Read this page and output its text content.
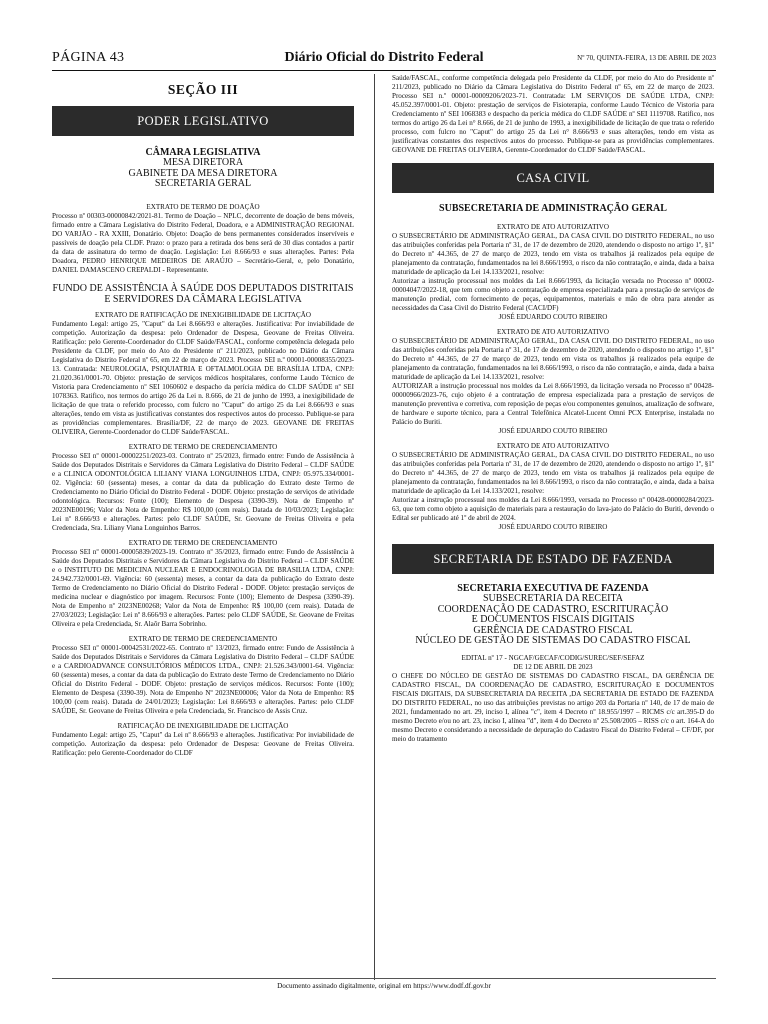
PÁGINA 43	Diário Oficial do Distrito Federal	Nº 70, QUINTA-FEIRA, 13 DE ABRIL DE 2023
SEÇÃO III
PODER LEGISLATIVO
CÂMARA LEGISLATIVA
MESA DIRETORA
GABINETE DA MESA DIRETORA
SECRETARIA GERAL
EXTRATO DE TERMO DE DOAÇÃO

Processo nº 00303-00000842/2021-81. Termo de Doação – NPLC, decorrente de doação de bens móveis, firmado entre a Câmara Legislativa do Distrito Federal, Doadora, e a ADMINISTRAÇÃO REGIONAL DO VARJÃO - RA XXIII, Donatário. Objeto: Doação de bens permanentes considerados inservíveis e passíveis de doação pela CLDF. Prazo: o prazo para a retirada dos bens será de 30 dias contados a partir da data de assinatura do termo de doação. Legislação: Lei 8.666/93 e suas alterações. Partes: Pela Doadora, PEDRO HENRIQUE MEDEIROS DE ARAÚJO – Secretário-Geral, e, pelo Donatário, DANIEL DAMASCENO CREPALDI - Representante.

FUNDO DE ASSISTÊNCIA À SAÚDE DOS DEPUTADOS DISTRITAIS E SERVIDORES DA CÂMARA LEGISLATIVA
EXTRATO DE RATIFICAÇÃO DE INEXIGIBILIDADE DE LICITAÇÃO

Fundamento Legal: artigo 25, "Caput" da Lei 8.666/93 e alterações. Justificativa: Por inviabilidade de competição. Autorização da despesa: pelo Ordenador de Despesa, Geovane de Freitas Oliveira. Ratificação: pelo Gerente-Coordenador do CLDF Saúde/FASCAL, conforme competência delegada pelo Presidente da CLDF, por meio do Ato do Presidente nº 211/2023, publicado no Diário da Câmara Legislativa do Distrito Federal nº 65, em 22 de março de 2023. Processo SEI n.º 00001-00008355/2023-13. Contratada: NEUROLOGIA, PSIQUIATRIA E OFTALMOLOGIA DE BRASÍLIA LTDA, CNPJ: 21.020.361/0001-70. Objeto: prestação de serviços médicos hospitalares, conforme Laudo Técnico de Vistoria para Credenciamento nº SEI 1060602 e despacho da perícia médica do CLDF SAÚDE nº SEI 1078363. Ratifico, nos termos do artigo 26 da Lei n. 8.666, de 21 de junho de 1993, a inexigibilidade de licitação de que trata o referido processo, com fulcro no "Caput" do artigo 25 da Lei 8.666/93 e suas alterações, tendo em vista as justificativas constantes dos respectivos autos do processo. Publique-se para as providências complementares. Brasília/DF, 22 de março de 2023. GEOVANE DE FREITAS OLIVEIRA, Gerente-Coordenador do CLDF Saúde/FASCAL.

EXTRATO DE TERMO DE CREDENCIAMENTO

Processo SEI nº 00001-00002251/2023-03. Contrato nº 25/2023, firmado entre: Fundo de Assistência à Saúde dos Deputados Distritais e Servidores da Câmara Legislativa do Distrito Federal – CLDF SAÚDE e a CLINICA ODONTOLÓGICA LILIANY VIANA LONGUINHOS LTDA, CNPJ: 05.975.334/0001-02. Vigência: 60 (sessenta) meses, a contar da data da publicação do Extrato deste Termo de Credenciamento no Diário Oficial do Distrito Federal - DODF. Objeto: prestação de serviços de atividade odontológica. Recursos: Fonte (100); Elemento de Despesa (3390-39). Nota de Empenho nº 2023NE00196; Valor da Nota de Empenho: R$ 100,00 (cem reais). Datada de 10/03/2023; Legislação: Lei nº 8.666/93 e alterações. Partes: pelo CLDF SAÚDE, Sr. Geovane de Freitas Oliveira e pela Credenciada, Sra. Liliany Viana Longuinhos Barros.

EXTRATO DE TERMO DE CREDENCIAMENTO

Processo SEI nº 00001-00005839/2023-19. Contrato nº 35/2023, firmado entre: Fundo de Assistência à Saúde dos Deputados Distritais e Servidores da Câmara Legislativa do Distrito Federal – CLDF SAÚDE e o INSTITUTO DE MEDICINA NUCLEAR E ENDOCRINOLOGIA DE BRASILIA LTDA, CNPJ: 24.942.732/0001-69. Vigência: 60 (sessenta) meses, a contar da data da publicação do Extrato deste Termo de Credenciamento no Diário Oficial do Distrito Federal - DODF. Objeto: prestação serviços de medicina nuclear e diagnóstico por imagem. Recursos: Fonte (100); Elemento de Despesa (3390-39). Nota de Empenho nº 2023NE00268; Valor da Nota de Empenho: R$ 100,00 (cem reais). Datada de 27/03/2023; Legislação: Lei nº 8.666/93 e alterações. Partes: pelo CLDF SAÚDE, Sr. Geovane de Freitas Oliveira e pela Credenciada, Sr. Alaôr Barra Sobrinho.

EXTRATO DE TERMO DE CREDENCIAMENTO

Processo SEI nº 00001-00042531/2022-65. Contrato nº 13/2023, firmado entre: Fundo de Assistência à Saúde dos Deputados Distritais e Servidores da Câmara Legislativa do Distrito Federal – CLDF SAÚDE e a CARDIOADVANCE CONSULTÓRIOS MÉDICOS LTDA., CNPJ: 21.526.343/0001-64. Vigência: 60 (sessenta) meses, a contar da data da publicação do Extrato deste Termo de Credenciamento no Diário Oficial do Distrito Federal - DODF. Objeto: prestação de serviços médicos. Recursos: Fonte (100); Elemento de Despesa (3390-39). Nota de Empenho Nº 2023NE00006; Valor da Nota de Empenho: R$ 100,00 (cem reais). Datada de 24/01/2023; Legislação: Lei 8.666/93 e alterações. Partes: pelo CLDF SAÚDE, Sr. Geovane de Freitas Oliveira e pela Credenciada, Sr. Francisco de Assis Cruz.

RATIFICAÇÃO DE INEXIGIBILIDADE DE LICITAÇÃO

Fundamento Legal: artigo 25, "Caput" da Lei nº 8.666/93 e alterações. Justificativa: Por inviabilidade de competição. Autorização da despesa: pelo Ordenador de Despesa: Geovane de Freitas Oliveira. Ratificação: pelo Gerente-Coordenador do CLDF

Saúde/FASCAL, conforme competência delegada pelo Presidente da CLDF, por meio do Ato do Presidente nº 211/2023, publicado no Diário da Câmara Legislativa do Distrito Federal nº 65, em 22 de março de 2023. Processo SEI n.º 00001-00009206/2023-71. Contratada: LM SERVIÇOS DE SAÚDE LTDA, CNPJ: 45.052.397/0001-01. Objeto: prestação de serviços de Fisioterapia, conforme Laudo Técnico de Vistoria para Credenciamento nº SEI 1068383 e despacho da perícia médica do CLDF SAÚDE nº SEI 1119708. Ratifico, nos termos do artigo 26 da Lei n° 8.666, de 21 de junho de 1993, a inexigibilidade de licitação de que trata o referido processo, com fulcro no "Caput" do artigo 25 da Lei n° 8.666/93 e suas alterações, tendo em vista as justificativas constantes dos respectivos autos do processo. Publique-se para as providências complementares. GEOVANE DE FREITAS OLIVEIRA, Gerente-Coordenador do CLDF Saúde/FASCAL.

CASA CIVIL
SUBSECRETARIA DE ADMINISTRAÇÃO GERAL
EXTRATO DE ATO AUTORIZATIVO

O SUBSECRETÁRIO DE ADMINISTRAÇÃO GERAL, DA CASA CIVIL DO DISTRITO FEDERAL, no uso das atribuições conferidas pela Portaria nº 31, de 17 de dezembro de 2020, atendendo o disposto no artigo 1º, §1º do Decreto nº 44.365, de 27 de março de 2023, tendo em vista os trabalhos já realizados pela equipe de planejamento da contratação, fundamentados na lei 8.666/1993, o risco da não contratação, e ainda, dada a baixa maturidade de aplicação da Lei 14.133/2021, resolve:

Autorizar a instrução processual nos moldes da Lei 8.666/1993, da licitação versada no Processo nº 00002-00004047/2022-18, que tem como objeto a contratação de empresa especializada para a prestação de serviços de manutenção predial, com fornecimento de peças, equipamentos, materiais e mão de obra para atender as necessidades da Casa Civil do Distrito Federal (CACI/DF)

JOSÉ EDUARDO COUTO RIBEIRO
EXTRATO DE ATO AUTORIZATIVO

O SUBSECRETÁRIO DE ADMINISTRAÇÃO GERAL, DA CASA CIVIL DO DISTRITO FEDERAL, no uso das atribuições conferidas pela Portaria nº 31, de 17 de dezembro de 2020, atendendo o disposto no artigo 1º, §1º do Decreto nº 44.365, de 27 de março de 2023, tendo em vista os trabalhos já realizados pela equipe de planejamento da contratação, fundamentados na lei 8.666/1993, o risco da não contratação, e ainda, dada a baixa maturidade de aplicação da Lei 14.133/2021, resolve:

AUTORIZAR a instrução processual nos moldes da Lei 8.666/1993, da licitação versada no Processo nº 00428-00000966/2023-76, cujo objeto é a contratação de empresa especializada para a prestação de serviços de manutenção preventiva e corretiva, com reposição de peças e/ou componentes genuínos, atualização de software, de hardware e suporte técnico, para a Central Telefônica Alcatel-Lucent Omni PCX Enterprise, instalada no Palácio do Buriti.

JOSÉ EDUARDO COUTO RIBEIRO
EXTRATO DE ATO AUTORIZATIVO

O SUBSECRETÁRIO DE ADMINISTRAÇÃO GERAL, DA CASA CIVIL DO DISTRITO FEDERAL, no uso das atribuições conferidas pela Portaria nº 31, de 17 de dezembro de 2020, atendendo o disposto no artigo 1º, §1º do Decreto nº 44.365, de 27 de março de 2023, tendo em vista os trabalhos já realizados pela equipe de planejamento da contratação, fundamentados na lei 8.666/1993, o risco da não contratação, e ainda, dada a baixa maturidade de aplicação da Lei 14.133/2021, resolve:

Autorizar a instrução processual nos moldes da Lei 8.666/1993, versada no Processo nº 00428-00000284/2023-63, que tem como objeto a aquisição de materiais para a restauração do lava-jato do Palácio do Buriti, devendo o Edital ser publicado até 1º de abril de 2024.

JOSÉ EDUARDO COUTO RIBEIRO
SECRETARIA DE ESTADO DE FAZENDA
SECRETARIA EXECUTIVA DE FAZENDA
SUBSECRETARIA DA RECEITA
COORDENAÇÃO DE CADASTRO, ESCRITURAÇÃO
E DOCUMENTOS FISCAIS DIGITAIS
GERÊNCIA DE CADASTRO FISCAL
NÚCLEO DE GESTÃO DE SISTEMAS DO CADASTRO FISCAL
EDITAL nº 17 - NGCAF/GECAF/CODIG/SUREC/SEF/SEFAZ
DE 12 DE ABRIL DE 2023

O CHEFE DO NÚCLEO DE GESTÃO DE SISTEMAS DO CADASTRO FISCAL, DA GERÊNCIA DE CADASTRO FISCAL, DA COORDENAÇÃO DE CADASTRO, ESCRITURAÇÃO E DOCUMENTOS FISCAIS DIGITAIS, DA SUBSECRETARIA DA RECEITA ,DA SECRETARIA DE ESTADO DE FAZENDA DO DISTRITO FEDERAL, no uso das atribuições previstas no artigo 203 da Portaria nº 140, de 17 de maio de 2021, fundamentado no art. 29, inciso I, alínea "c", item 4 Decreto nº 18.955/1997 – RICMS c/c art.395-D do mesmo Decreto e/ou no art. 23, inciso I, alínea "d", item 4 do Decreto nº 25.508/2005 – RISS c/c o art. 164-A do mesmo Decreto e considerando a necessidade de depuração do Cadastro Fiscal do Distrito Federal – CF/DF, por meio do tratamento

Documento assinado digitalmente, original em https://www.dodf.df.gov.br
